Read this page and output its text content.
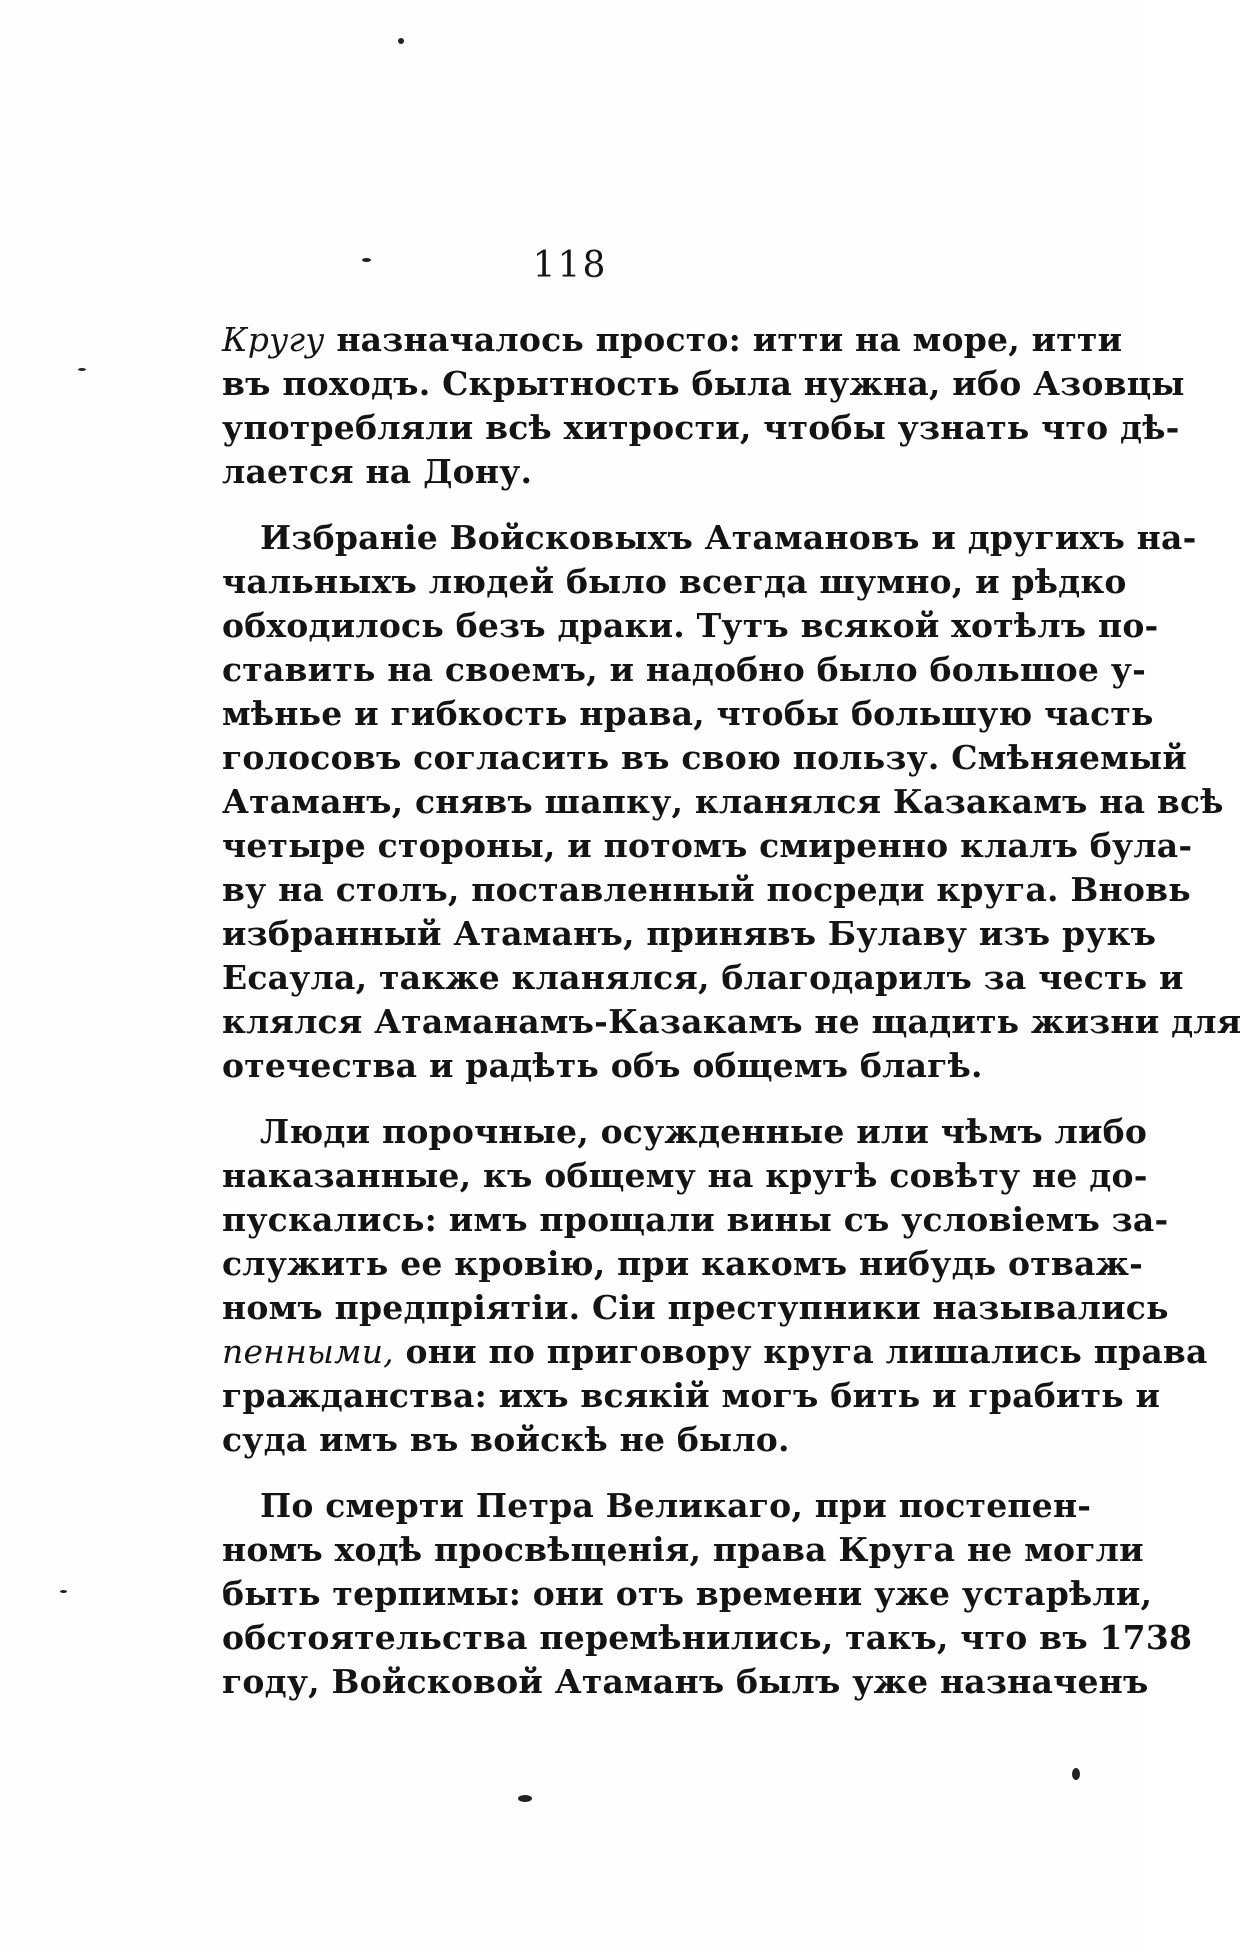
118

Кругу назначалось просто: итти на море, итти
въ походъ. Скрытность была нужна, ибо Азовцы
употребляли всѣ хитрости, чтобы узнать что дѣ-
лается на Дону.

Избраніе Войсковыхъ Атамановъ и другихъ на-
чальныхъ людей было всегда шумно, и рѣдко
обходилось безъ драки. Тутъ всякой хотѣлъ по-
ставить на своемъ, и надобно было большое у-
мѣнье и гибкость нрава, чтобы большую часть
голосовъ согласить въ свою пользу. Смѣняемый
Атаманъ, снявъ шапку, кланялся Казакамъ на всѣ
четыре стороны, и потомъ смиренно клалъ була-
ву на столъ, поставленный посреди круга. Вновь
избранный Атаманъ, принявъ Булаву изъ рукъ
Есаула, также кланялся, благодарилъ за честь и
клялся Атаманамъ-Казакамъ не щадить жизни для
отечества и радѣть объ общемъ благѣ.

Люди порочные, осужденные или чѣмъ либо
наказанные, къ общему на кругѣ совѣту не до-
пускались: имъ прощали вины съ условіемъ за-
служить ее кровію, при какомъ нибудь отваж-
номъ предпріятіи. Сіи преступники назывались
пенными, они по приговору круга лишались права
гражданства: ихъ всякій могъ бить и грабить и
суда имъ въ войскѣ не было.

По смерти Петра Великаго, при постепен-
номъ ходѣ просвѣщенія, права Круга не могли
быть терпимы: они отъ времени уже устарѣли,
обстоятельства перемѣнились, такъ, что въ 1738
году, Войсковой Атаманъ былъ уже назначенъ
